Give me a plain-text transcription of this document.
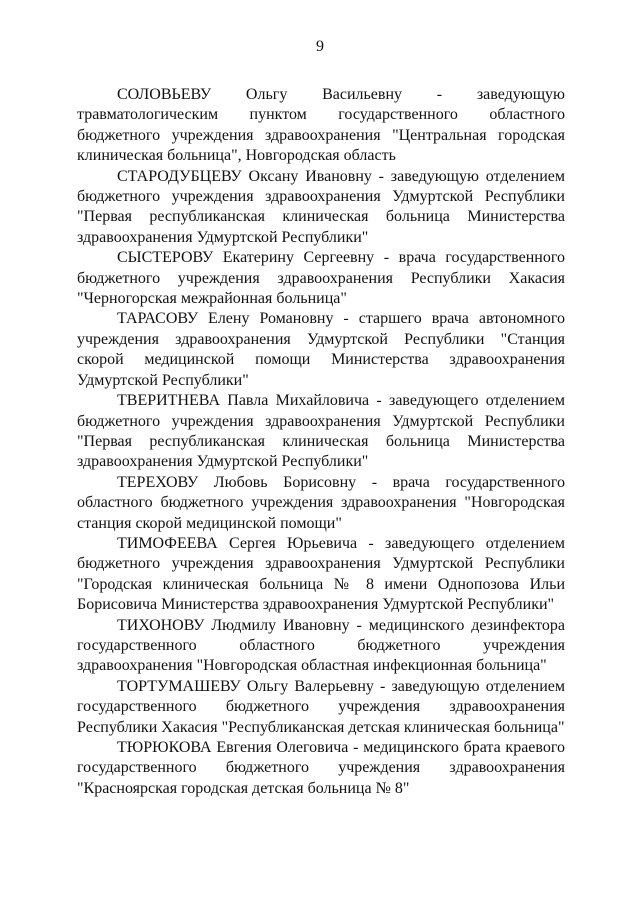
9

СОЛОВЬЕВУ Ольгу Васильевну - заведующую травматологическим пунктом государственного областного бюджетного учреждения здравоохранения "Центральная городская клиническая больница", Новгородская область

СТАРОДУБЦЕВУ Оксану Ивановну - заведующую отделением бюджетного учреждения здравоохранения Удмуртской Республики "Первая республиканская клиническая больница Министерства здравоохранения Удмуртской Республики"

СЫСТЕРОВУ Екатерину Сергеевну - врача государственного бюджетного учреждения здравоохранения Республики Хакасия "Черногорская межрайонная больница"

ТАРАСОВУ Елену Романовну - старшего врача автономного учреждения здравоохранения Удмуртской Республики "Станция скорой медицинской помощи Министерства здравоохранения Удмуртской Республики"

ТВЕРИТНЕВА Павла Михайловича - заведующего отделением бюджетного учреждения здравоохранения Удмуртской Республики "Первая республиканская клиническая больница Министерства здравоохранения Удмуртской Республики"

ТЕРЕХОВУ Любовь Борисовну - врача государственного областного бюджетного учреждения здравоохранения "Новгородская станция скорой медицинской помощи"

ТИМОФЕЕВА Сергея Юрьевича - заведующего отделением бюджетного учреждения здравоохранения Удмуртской Республики "Городская клиническая больница № 8 имени Однопозова Ильи Борисовича Министерства здравоохранения Удмуртской Республики"

ТИХОНОВУ Людмилу Ивановну - медицинского дезинфектора государственного областного бюджетного учреждения здравоохранения "Новгородская областная инфекционная больница"

ТОРТУМАШЕВУ Ольгу Валерьевну - заведующую отделением государственного бюджетного учреждения здравоохранения Республики Хакасия "Республиканская детская клиническая больница"

ТЮРЮКОВА Евгения Олеговича - медицинского брата краевого государственного бюджетного учреждения здравоохранения "Красноярская городская детская больница № 8"
